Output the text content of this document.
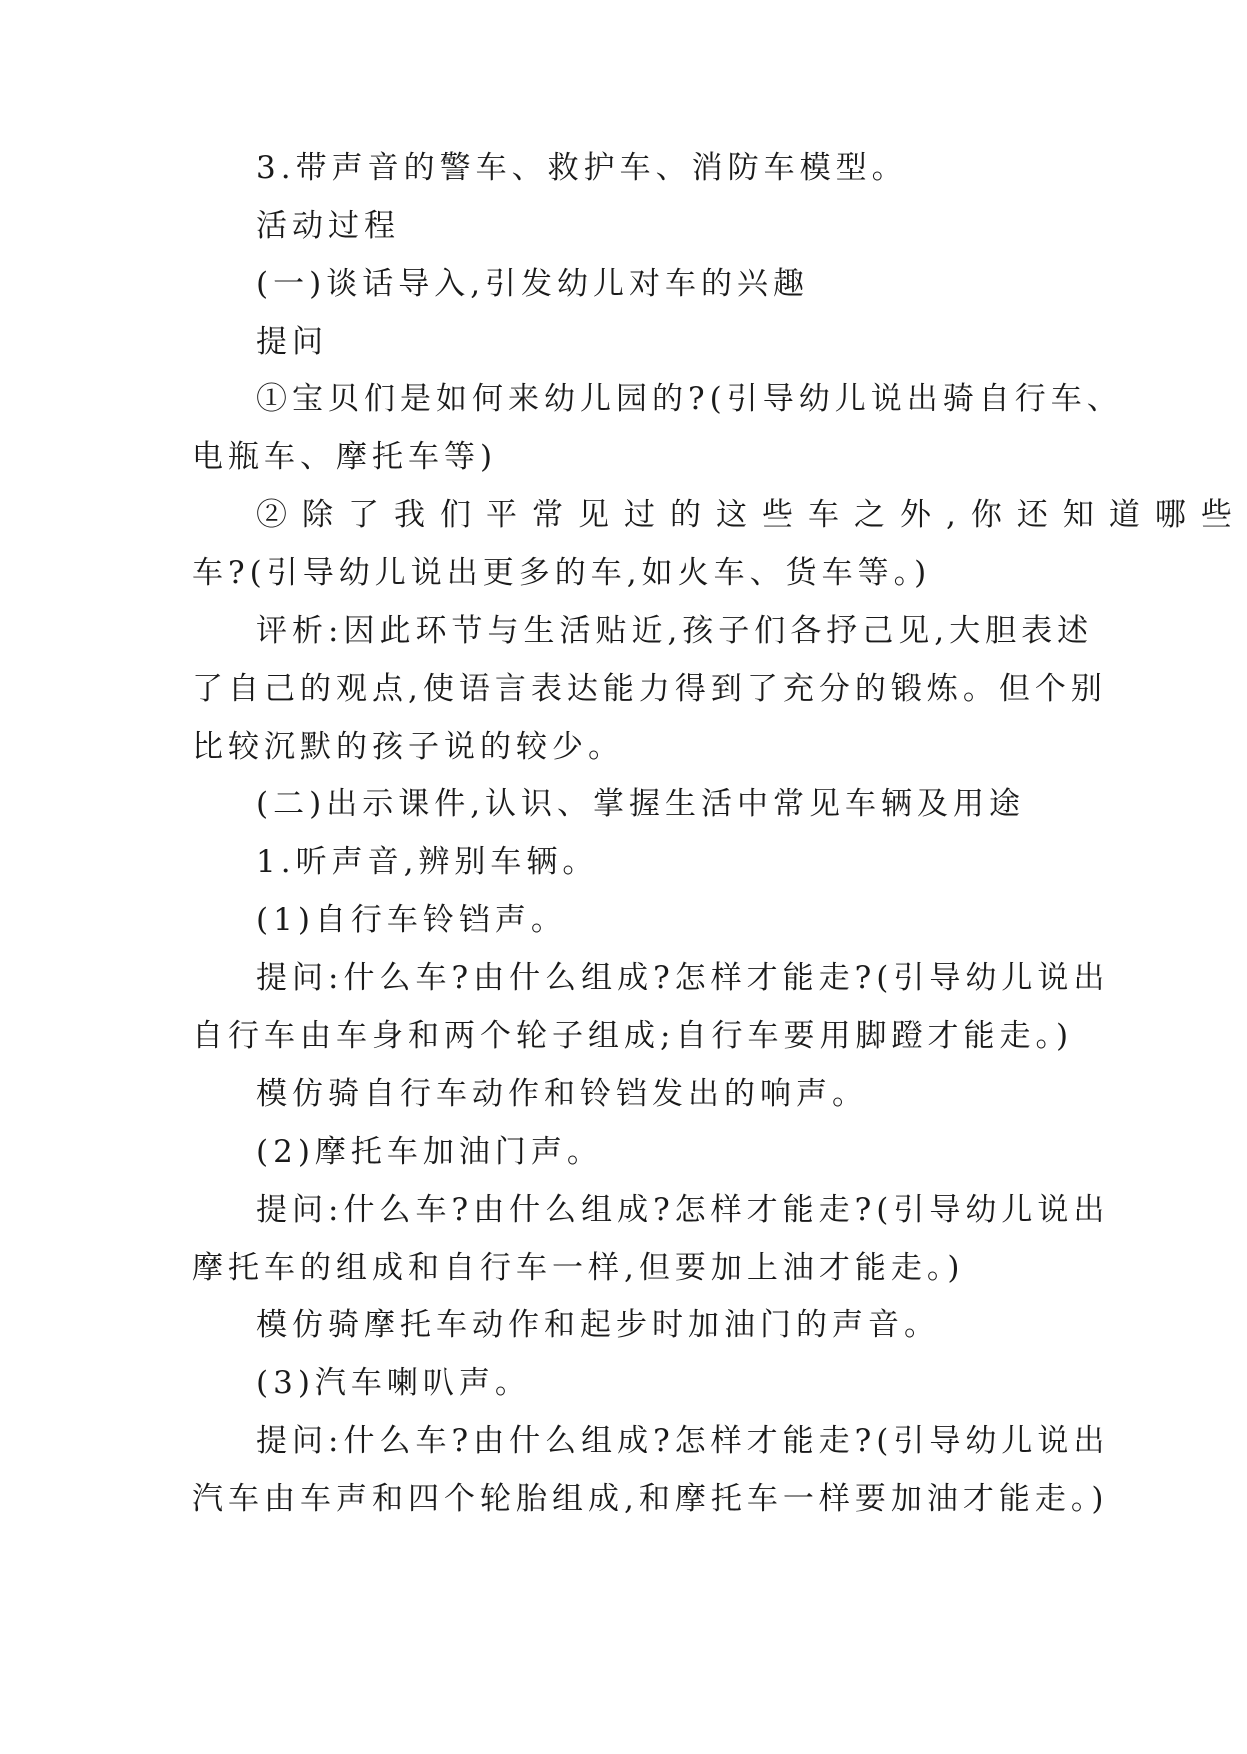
3.带声音的警车、救护车、消防车模型。
活动过程
(一)谈话导入,引发幼儿对车的兴趣
提问
①宝贝们是如何来幼儿园的?(引导幼儿说出骑自行车、
电瓶车、摩托车等)
②除了我们平常见过的这些车之外,你还知道哪些
车?(引导幼儿说出更多的车,如火车、货车等。)
评析:因此环节与生活贴近,孩子们各抒己见,大胆表述
了自己的观点,使语言表达能力得到了充分的锻炼。但个别
比较沉默的孩子说的较少。
(二)出示课件,认识、掌握生活中常见车辆及用途
1.听声音,辨别车辆。
(1)自行车铃铛声。
提问:什么车?由什么组成?怎样才能走?(引导幼儿说出
自行车由车身和两个轮子组成;自行车要用脚蹬才能走。)
模仿骑自行车动作和铃铛发出的响声。
(2)摩托车加油门声。
提问:什么车?由什么组成?怎样才能走?(引导幼儿说出
摩托车的组成和自行车一样,但要加上油才能走。)
模仿骑摩托车动作和起步时加油门的声音。
(3)汽车喇叭声。
提问:什么车?由什么组成?怎样才能走?(引导幼儿说出
汽车由车声和四个轮胎组成,和摩托车一样要加油才能走。)
